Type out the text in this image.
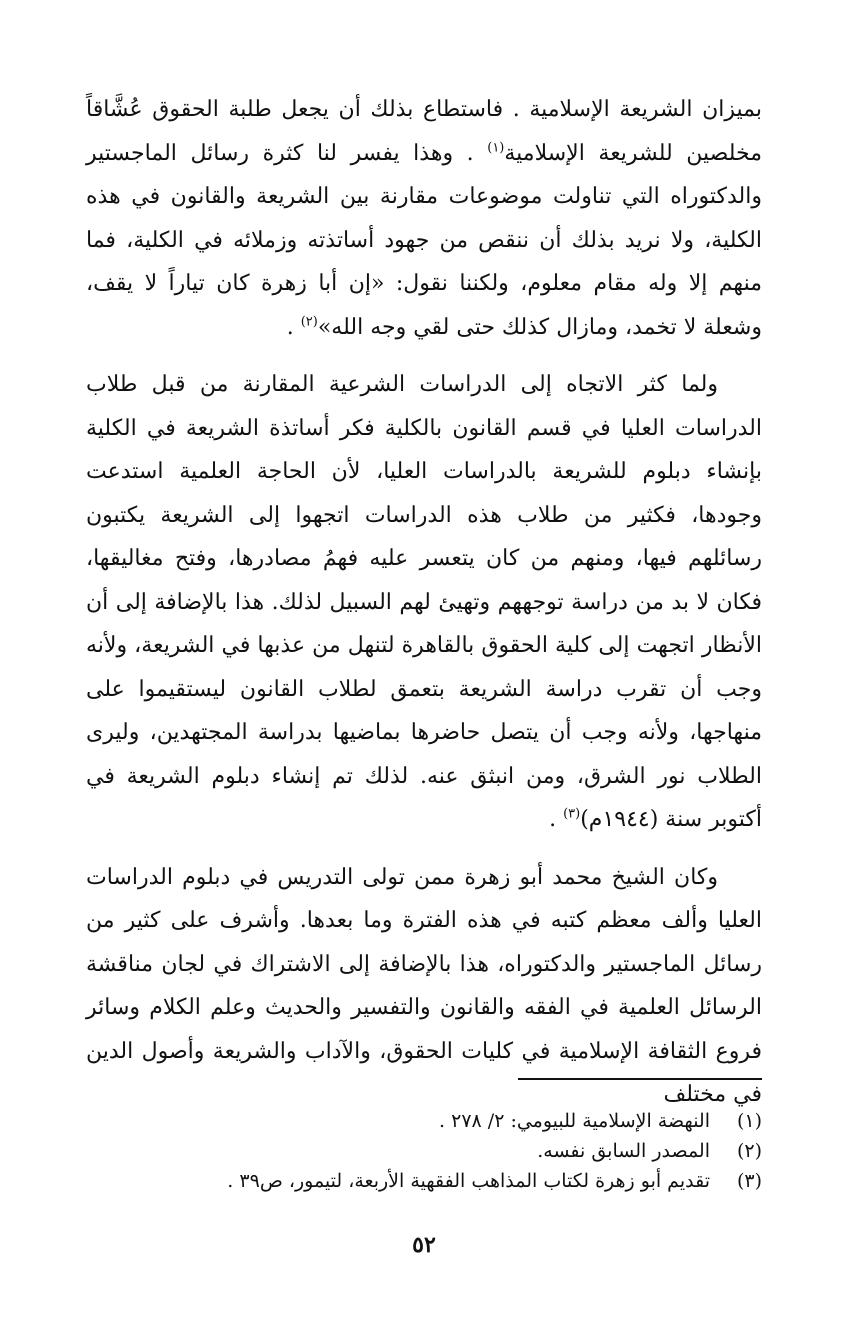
بميزان الشريعة الإسلامية . فاستطاع بذلك أن يجعل طلبة الحقوق عُشَّاقاً مخلصين للشريعة الإسلامية$^{(١)}$ . وهذا يفسر لنا كثرة رسائل الماجستير والدكتوراه التي تناولت موضوعات مقارنة بين الشريعة والقانون في هذه الكلية، ولا نريد بذلك أن ننقص من جهود أساتذته وزملائه في الكلية، فما منهم إلا وله مقام معلوم، ولكننا نقول: «إن أبا زهرة كان تياراً لا يقف، وشعلة لا تخمد، ومازال كذلك حتى لقي وجه الله»$^{(٢)}$ .

ولما كثر الاتجاه إلى الدراسات الشرعية المقارنة من قبل طلاب الدراسات العليا في قسم القانون بالكلية فكر أساتذة الشريعة في الكلية بإنشاء دبلوم للشريعة بالدراسات العليا، لأن الحاجة العلمية استدعت وجودها، فكثير من طلاب هذه الدراسات اتجهوا إلى الشريعة يكتبون رسائلهم فيها، ومنهم من كان يتعسر عليه فهمُ مصادرها، وفتح مغاليقها، فكان لا بد من دراسة توجههم وتهيئ لهم السبيل لذلك. هذا بالإضافة إلى أن الأنظار اتجهت إلى كلية الحقوق بالقاهرة لتنهل من عذبها في الشريعة، ولأنه وجب أن تقرب دراسة الشريعة بتعمق لطلاب القانون ليستقيموا على منهاجها، ولأنه وجب أن يتصل حاضرها بماضيها بدراسة المجتهدين، وليرى الطلاب نور الشرق، ومن انبثق عنه. لذلك تم إنشاء دبلوم الشريعة في أكتوبر سنة (١٩٤٤م)$^{(٣)}$ .

وكان الشيخ محمد أبو زهرة ممن تولى التدريس في دبلوم الدراسات العليا وألف معظم كتبه في هذه الفترة وما بعدها. وأشرف على كثير من رسائل الماجستير والدكتوراه، هذا بالإضافة إلى الاشتراك في لجان مناقشة الرسائل العلمية في الفقه والقانون والتفسير والحديث وعلم الكلام وسائر فروع الثقافة الإسلامية في كليات الحقوق، والآداب والشريعة وأصول الدين في مختلف

(١)
النهضة الإسلامية للبيومي: ٢/ ٢٧٨ .
(٢)
المصدر السابق نفسه.
(٣)
تقديم أبو زهرة لكتاب المذاهب الفقهية الأربعة، لتيمور، ص٣٩ .
٥٢
